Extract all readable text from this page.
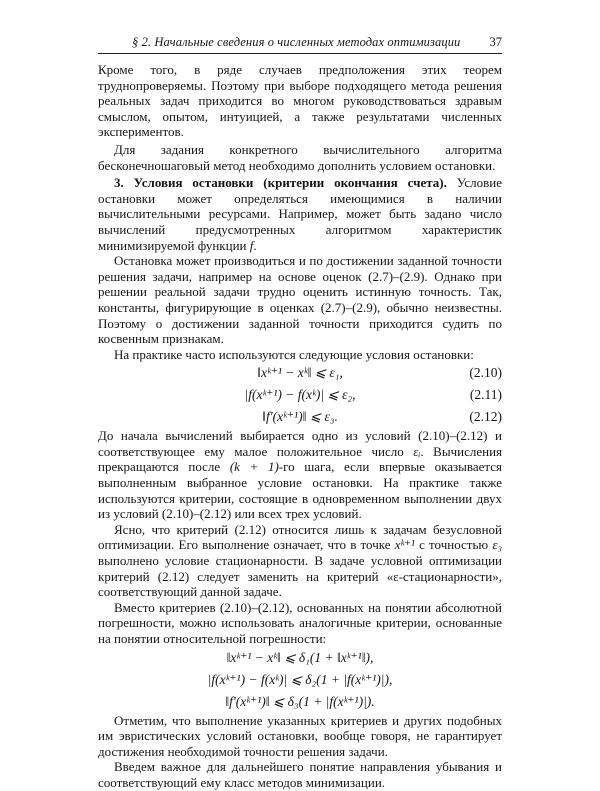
§ 2. Начальные сведения о численных методах оптимизации 37

Кроме того, в ряде случаев предположения этих теорем труднопроверяемы. Поэтому при выборе подходящего метода решения реальных задач приходится во многом руководствоваться здравым смыслом, опытом, интуицией, а также результатами численных экспериментов.

Для задания конкретного вычислительного алгоритма бесконечношаговый метод необходимо дополнить условием остановки.

3. Условия остановки (критерии окончания счета). Условие остановки может определяться имеющимися в наличии вычислительными ресурсами. Например, может быть задано число вычислений предусмотренных алгоритмом характеристик минимизируемой функции f.

Остановка может производиться и по достижении заданной точности решения задачи, например на основе оценок (2.7)–(2.9). Однако при решении реальной задачи трудно оценить истинную точность. Так, константы, фигурирующие в оценках (2.7)–(2.9), обычно неизвестны. Поэтому о достижении заданной точности приходится судить по косвенным признакам.

На практике часто используются следующие условия остановки:

‖xᵏ⁺¹ − xᵏ‖ ⩽ ε₁,	(2.10)
|f(xᵏ⁺¹) − f(xᵏ)| ⩽ ε₂,	(2.11)
‖f′(xᵏ⁺¹)‖ ⩽ ε₃.	(2.12)

До начала вычислений выбирается одно из условий (2.10)–(2.12) и соответствующее ему малое положительное число εᵢ. Вычисления прекращаются после (k + 1)-го шага, если впервые оказывается выполненным выбранное условие остановки. На практике также используются критерии, состоящие в одновременном выполнении двух из условий (2.10)–(2.12) или всех трех условий.

Ясно, что критерий (2.12) относится лишь к задачам безусловной оптимизации. Его выполнение означает, что в точке xᵏ⁺¹ с точностью ε₃ выполнено условие стационарности. В задаче условной оптимизации критерий (2.12) следует заменить на критерий «ε-стационарности», соответствующий данной задаче.

Вместо критериев (2.10)–(2.12), основанных на понятии абсолютной погрешности, можно использовать аналогичные критерии, основанные на понятии относительной погрешности:

‖xᵏ⁺¹ − xᵏ‖ ⩽ δ₁(1 + ‖xᵏ⁺¹‖),
|f(xᵏ⁺¹) − f(xᵏ)| ⩽ δ₂(1 + |f(xᵏ⁺¹)|),
‖f′(xᵏ⁺¹)‖ ⩽ δ₃(1 + |f(xᵏ⁺¹)|).

Отметим, что выполнение указанных критериев и других подобных им эвристических условий остановки, вообще говоря, не гарантирует достижения необходимой точности решения задачи.

Введем важное для дальнейшего понятие направления убывания и соответствующий ему класс методов минимизации.
